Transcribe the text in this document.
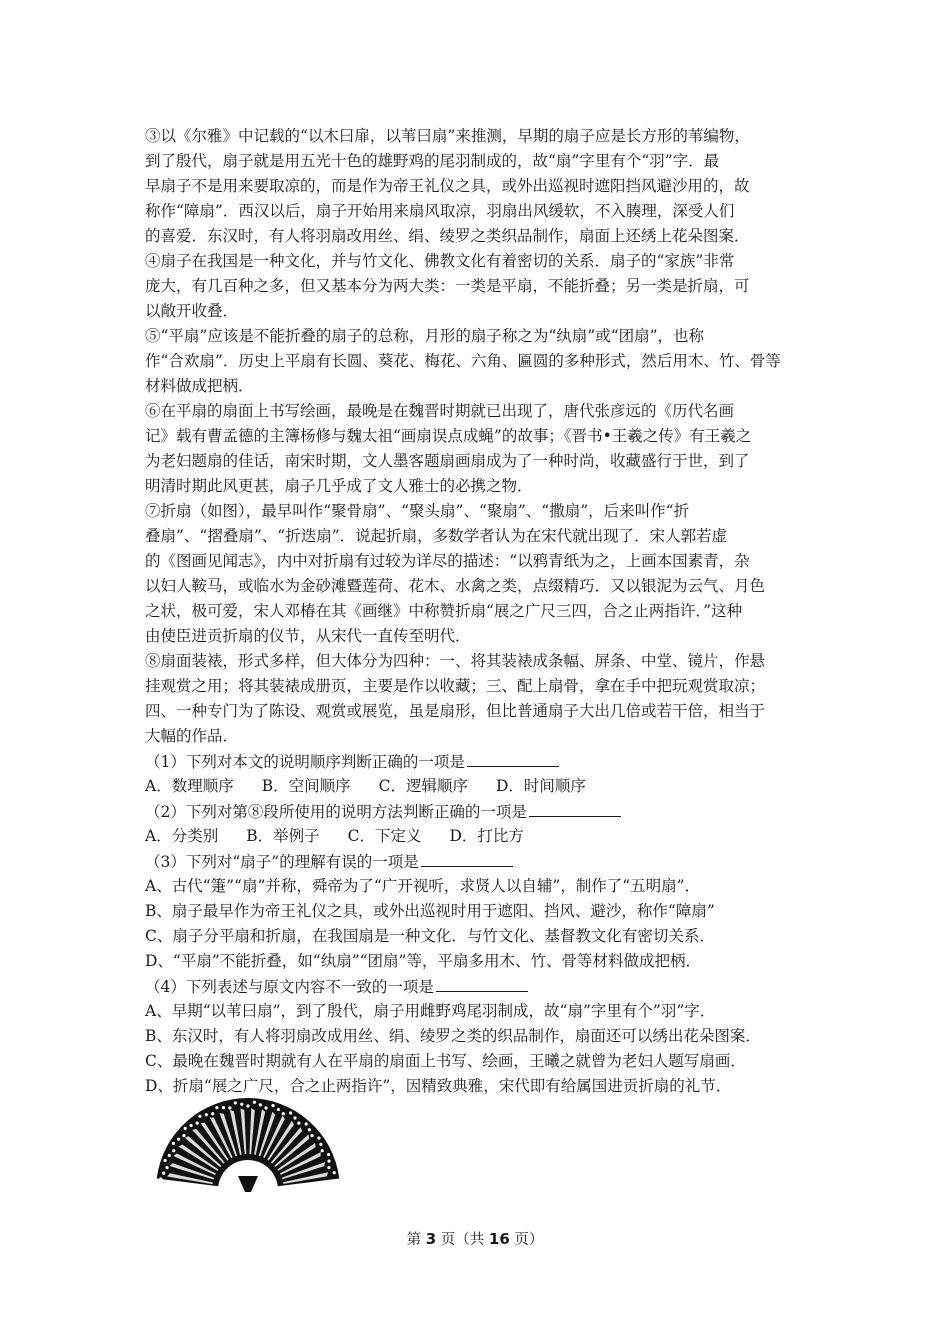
③以《尔雅》中记载的“以木曰扉，以苇曰扇”来推测，早期的扇子应是长方形的苇编物，
到了殷代，扇子就是用五光十色的雄野鸡的尾羽制成的，故“扇”字里有个“羽”字．最
早扇子不是用来要取凉的，而是作为帝王礼仪之具，或外出巡视时遮阳挡风避沙用的，故
称作“障扇”．西汉以后，扇子开始用来扇风取凉，羽扇出风缓软，不入腠理，深受人们
的喜爱．东汉时，有人将羽扇改用丝、绢、绫罗之类织品制作，扇面上还绣上花朵图案．
④扇子在我国是一种文化，并与竹文化、佛教文化有着密切的关系．扇子的“家族”非常
庞大，有几百种之多，但又基本分为两大类：一类是平扇，不能折叠；另一类是折扇，可
以敞开收叠．
⑤“平扇”应该是不能折叠的扇子的总称，月形的扇子称之为“纨扇”或“团扇”，也称
作“合欢扇”．历史上平扇有长圆、葵花、梅花、六角、匾圆的多种形式，然后用木、竹、骨等
材料做成把柄．
⑥在平扇的扇面上书写绘画，最晚是在魏晋时期就已出现了，唐代张彦远的《历代名画
记》载有曹孟德的主簿杨修与魏太祖“画扇误点成蝇”的故事；《晋书•王羲之传》有王羲之
为老妇题扇的佳话，南宋时期，文人墨客题扇画扇成为了一种时尚，收藏盛行于世，到了
明清时期此风更甚，扇子几乎成了文人雅士的必携之物．
⑦折扇（如图），最早叫作“聚骨扇”、“聚头扇”、“聚扇”、“撒扇”，后来叫作“折
叠扇”、“摺叠扇”、“折迭扇”．说起折扇，多数学者认为在宋代就出现了．宋人郭若虚
的《图画见闻志》，内中对折扇有过较为详尽的描述：“以鸦青纸为之，上画本国素青，杂
以妇人鞍马，或临水为金砂滩暨莲荷、花木、水禽之类，点缀精巧．又以银泥为云气、月色
之状，极可爱，宋人邓椿在其《画继》中称赞折扇“展之广尺三四，合之止两指许．”这种
由使臣进贡折扇的仪节，从宋代一直传至明代．
⑧扇面装裱，形式多样，但大体分为四种：一、将其装裱成条幅、屏条、中堂、镜片，作悬
挂观赏之用；将其装裱成册页，主要是作以收藏；三、配上扇骨，拿在手中把玩观赏取凉；
四、一种专门为了陈设、观赏或展览，虽是扇形，但比普通扇子大出几倍或若干倍，相当于
大幅的作品．
（1）下列对本文的说明顺序判断正确的一项是
A．数理顺序 B．空间顺序 C．逻辑顺序 D．时间顺序
（2）下列对第⑧段所使用的说明方法判断正确的一项是
A．分类别 B．举例子 C．下定义 D．打比方
（3）下列对“扇子”的理解有误的一项是
A、古代“箑”“扇”并称，舜帝为了“广开视听，求贤人以自辅”，制作了“五明扇”．
B、扇子最早作为帝王礼仪之具，或外出巡视时用于遮阳、挡风、避沙，称作“障扇”
C、扇子分平扇和折扇，在我国扇是一种文化．与竹文化、基督教文化有密切关系．
D、“平扇”不能折叠，如“纨扇”“团扇”等，平扇多用木、竹、骨等材料做成把柄．
（4）下列表述与原文内容不一致的一项是
A、早期“以苇曰扇”，到了殷代，扇子用雌野鸡尾羽制成，故“扇”字里有个”羽”字．
B、东汉时，有人将羽扇改成用丝、绢、绫罗之类的织品制作，扇面还可以绣出花朵图案．
C、最晚在魏晋时期就有人在平扇的扇面上书写、绘画，王曦之就曾为老妇人题写扇画．
D、折扇“展之广尺，合之止两指许”，因精致典雅，宋代即有给属国进贡折扇的礼节．
第 3 页（共 16 页）
